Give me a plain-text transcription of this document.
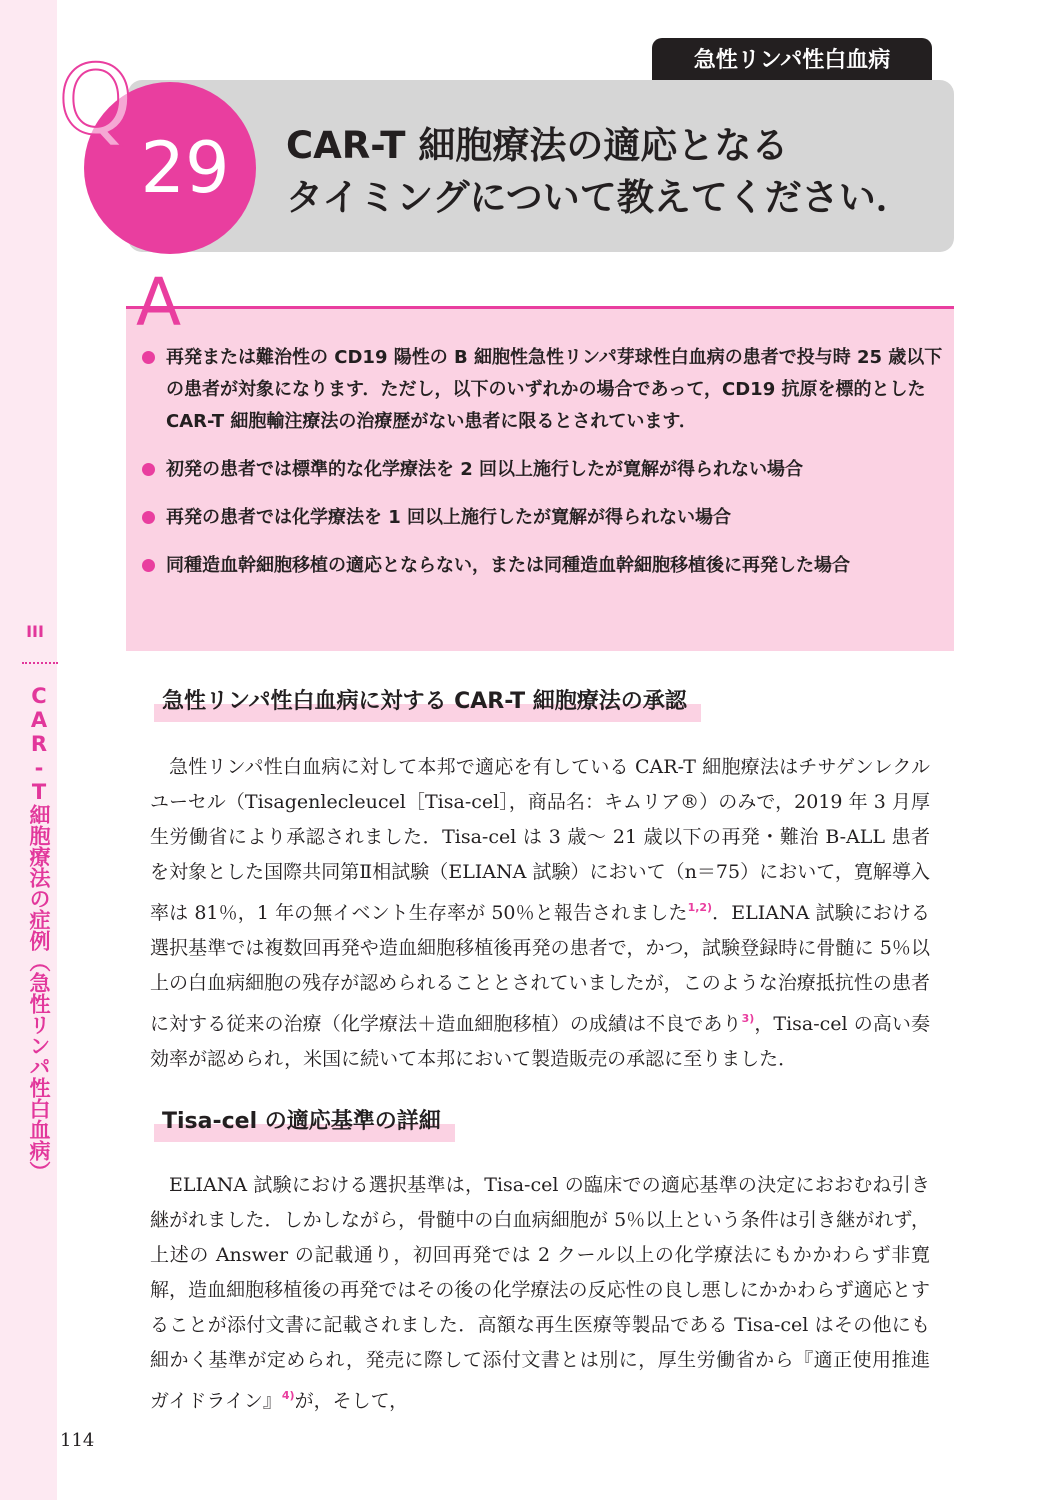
III
CAR-T細胞療法の症例（急性リンパ性白血病）
急性リンパ性白血病
Q
29	CAR-T 細胞療法の適応となる
タイミングについて教えてください．
A
再発または難治性の CD19 陽性の B 細胞性急性リンパ芽球性白血病の患者で投与時 25 歳以下の患者が対象になります．ただし，以下のいずれかの場合であって，CD19 抗原を標的とした CAR-T 細胞輸注療法の治療歴がない患者に限るとされています．
初発の患者では標準的な化学療法を 2 回以上施行したが寛解が得られない場合
再発の患者では化学療法を 1 回以上施行したが寛解が得られない場合
同種造血幹細胞移植の適応とならない，または同種造血幹細胞移植後に再発した場合
急性リンパ性白血病に対する CAR-T 細胞療法の承認

急性リンパ性白血病に対して本邦で適応を有している CAR-T 細胞療法はチサゲンレクルユーセル（Tisagenlecleucel［Tisa-cel］，商品名：キムリア®）のみで，2019 年 3 月厚生労働省により承認されました．Tisa-cel は 3 歳～ 21 歳以下の再発・難治 B-ALL 患者を対象とした国際共同第Ⅱ相試験（ELIANA 試験）において（n＝75）において，寛解導入率は 81％，1 年の無イベント生存率が 50％と報告されました$^{1,2)}$．ELIANA 試験における選択基準では複数回再発や造血細胞移植後再発の患者で，かつ，試験登録時に骨髄に 5％以上の白血病細胞の残存が認められることとされていましたが，このような治療抵抗性の患者に対する従来の治療（化学療法＋造血細胞移植）の成績は不良であり$^{3)}$，Tisa-cel の高い奏効率が認められ，米国に続いて本邦において製造販売の承認に至りました．

Tisa-cel の適応基準の詳細

ELIANA 試験における選択基準は，Tisa-cel の臨床での適応基準の決定におおむね引き継がれました．しかしながら，骨髄中の白血病細胞が 5％以上という条件は引き継がれず，上述の Answer の記載通り，初回再発では 2 クール以上の化学療法にもかかわらず非寛解，造血細胞移植後の再発ではその後の化学療法の反応性の良し悪しにかかわらず適応とすることが添付文書に記載されました．高額な再生医療等製品である Tisa-cel はその他にも細かく基準が定められ，発売に際して添付文書とは別に，厚生労働省から『適正使用推進ガイドライン』$^{4)}$が，そして，

114
